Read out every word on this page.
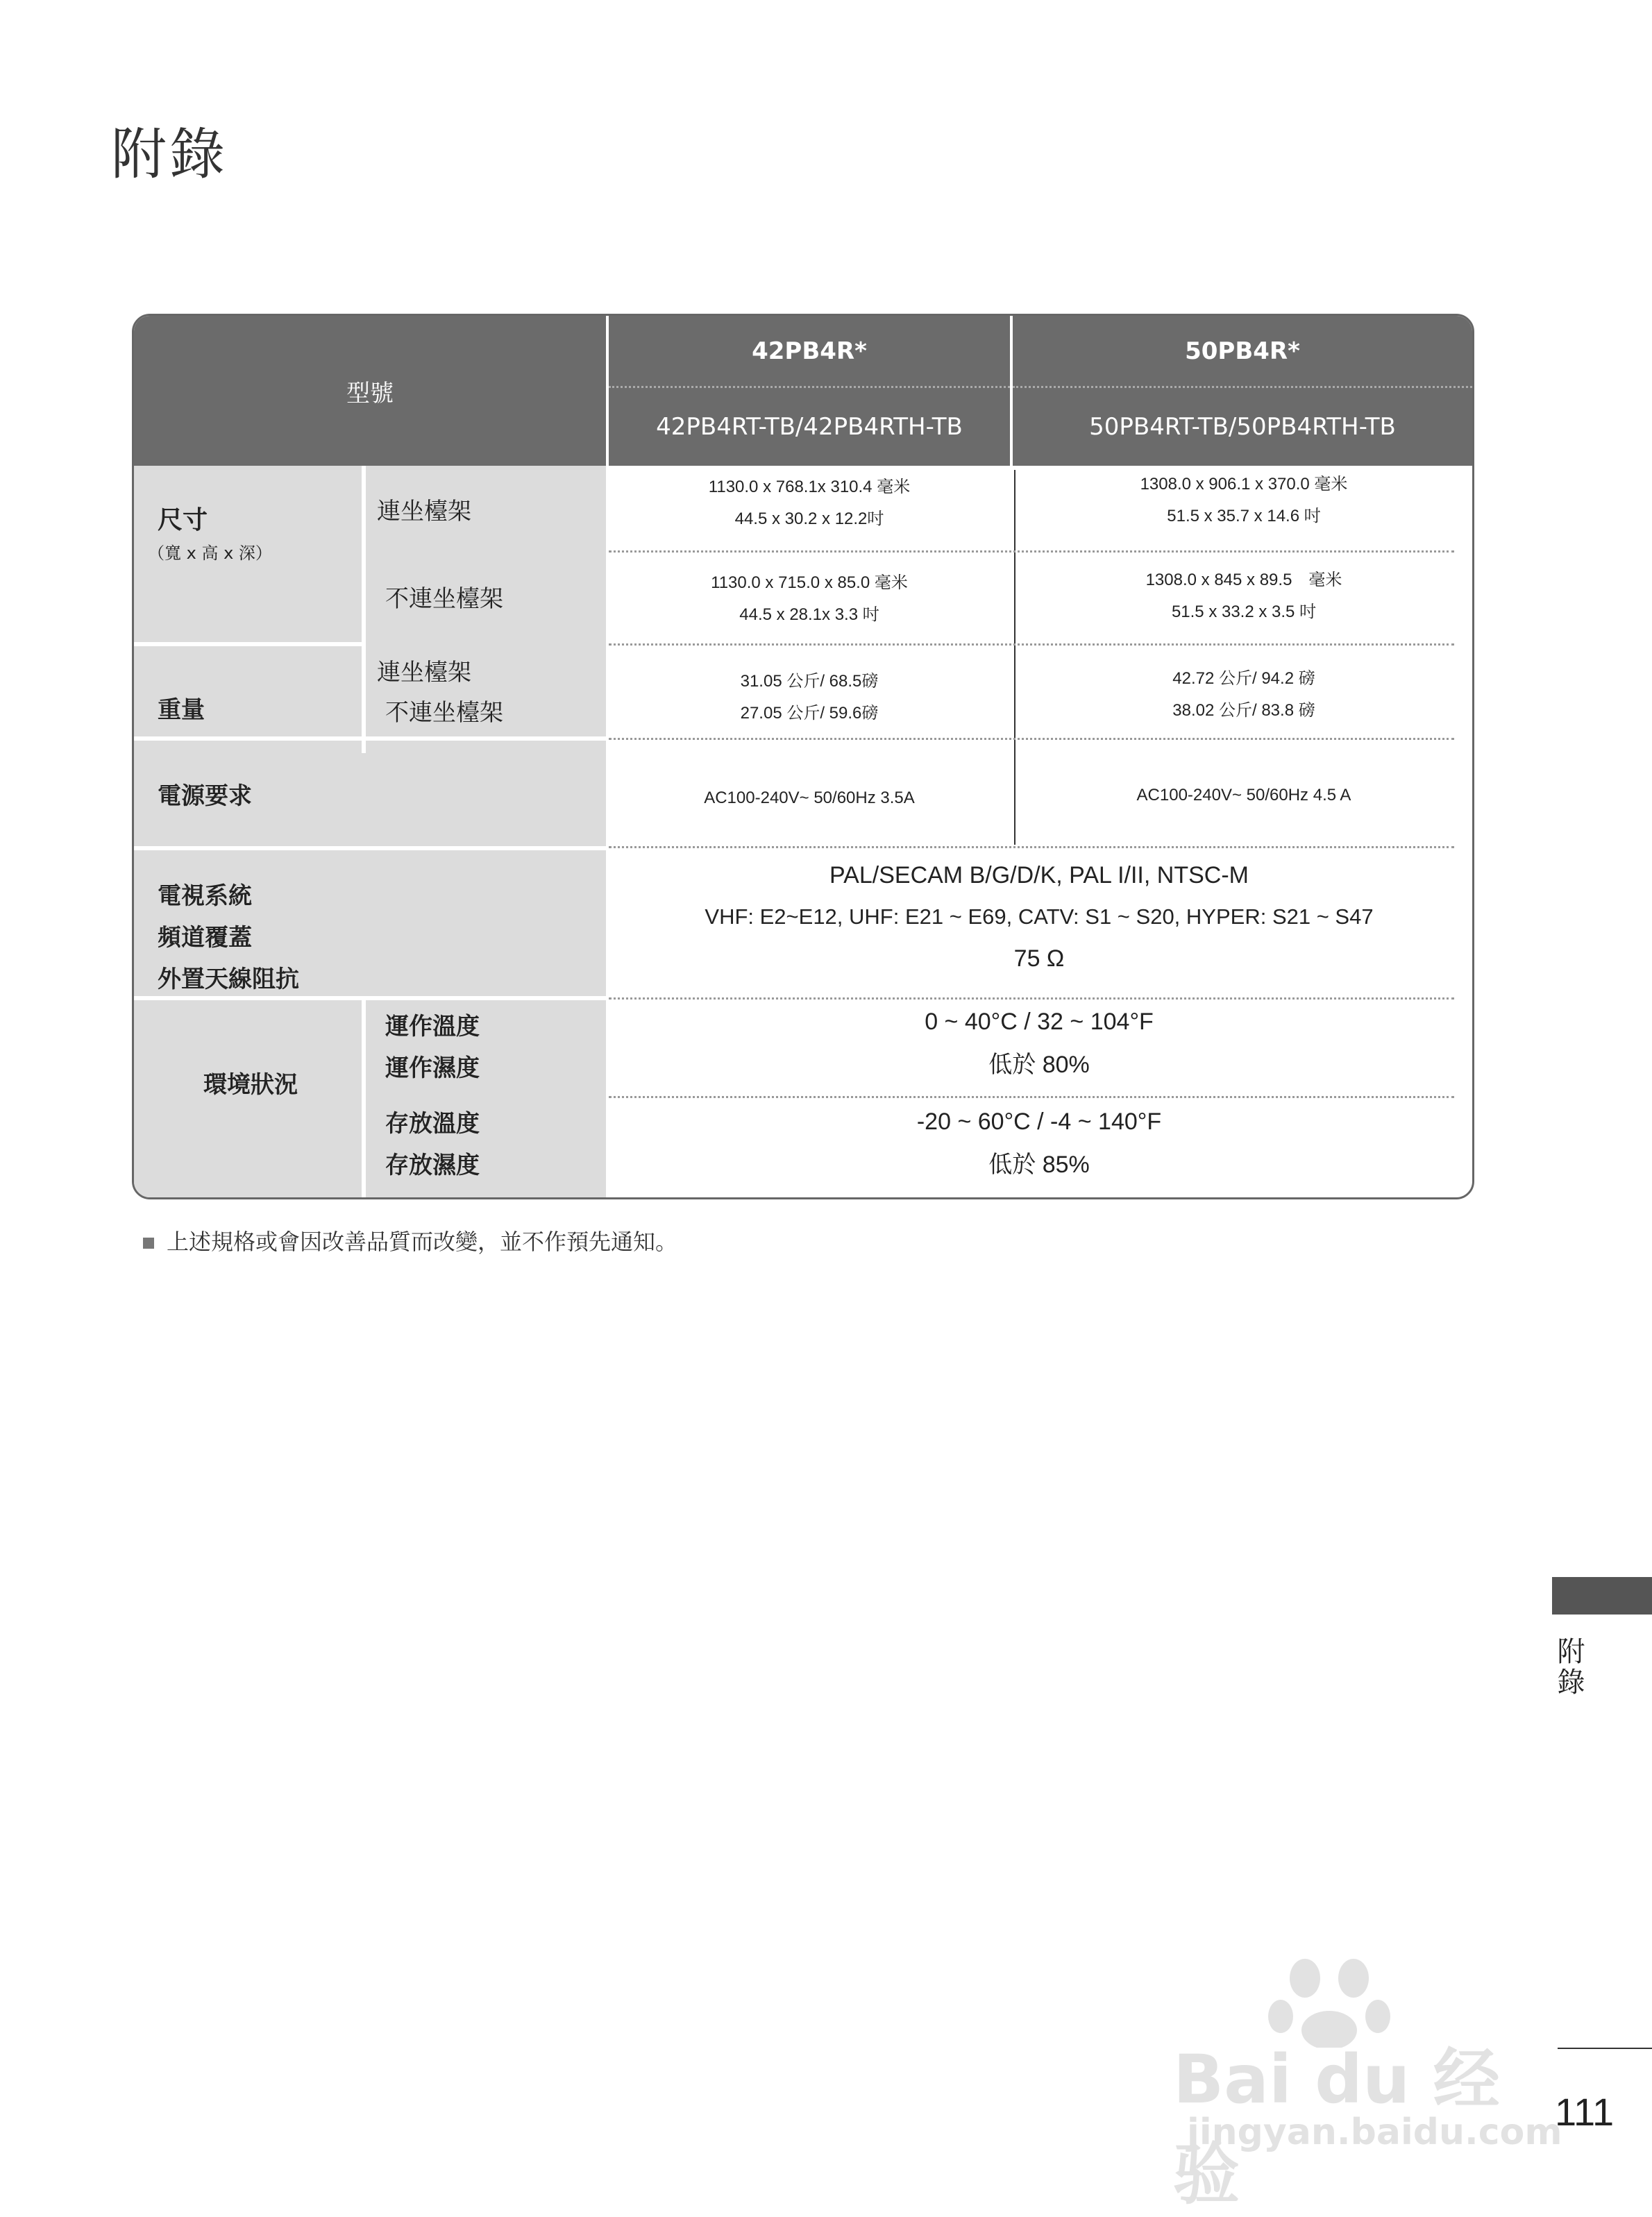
附錄
型號
42PB4R*
42PB4RT-TB/42PB4RTH-TB
50PB4R*
50PB4RT-TB/50PB4RTH-TB
尺寸
（寬 x 高 x 深）
連坐檯架
不連坐檯架
重量
連坐檯架
不連坐檯架
電源要求
電視系統
頻道覆蓋
外置天線阻抗
環境狀況
運作溫度
運作濕度
存放溫度
存放濕度
1130.0 x 768.1x 310.4 毫米
44.5 x 30.2 x 12.2吋
1308.0 x 906.1 x 370.0 毫米
51.5 x 35.7 x 14.6 吋
1130.0 x 715.0 x 85.0 毫米
44.5 x 28.1x 3.3 吋
1308.0 x 845 x 89.5　毫米
51.5 x 33.2 x 3.5 吋
31.05 公斤/ 68.5磅
27.05 公斤/ 59.6磅
42.72 公斤/ 94.2 磅
38.02 公斤/ 83.8 磅
AC100-240V~ 50/60Hz 3.5A	AC100-240V~ 50/60Hz 4.5 A
PAL/SECAM B/G/D/K, PAL I/II, NTSC-M
VHF: E2~E12, UHF: E21 ~ E69, CATV: S1 ~ S20, HYPER: S21 ~ S47
75 Ω
0 ~ 40°C / 32 ~ 104°F
低於 80%
-20 ~ 60°C / -4 ~ 140°F
低於 85%
上述規格或會因改善品質而改變，並不作預先通知。
附錄
Bai du 经验
jingyan.baidu.com
111
